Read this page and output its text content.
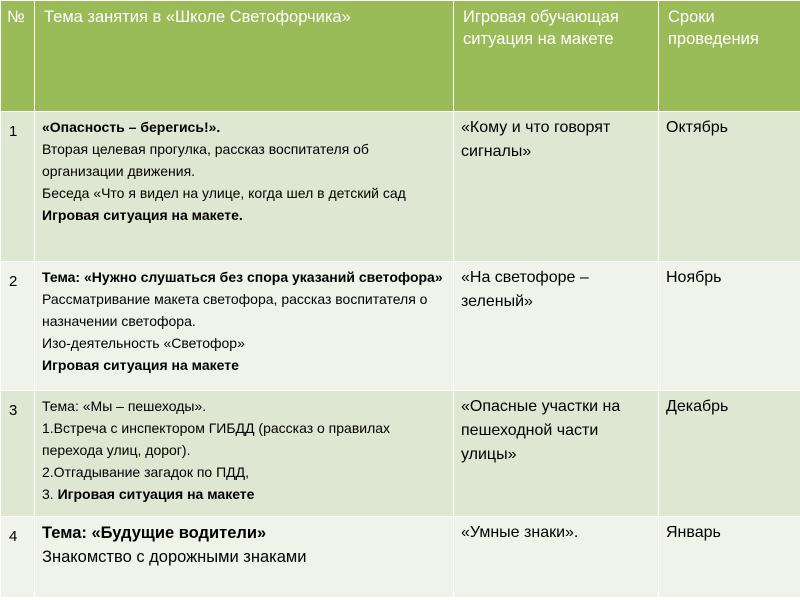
№	Тема занятия в «Школе Светофорчика»	Игровая обучающая ситуация на макете	Сроки проведения

1	«Опасность – берегись!».
Вторая целевая прогулка, рассказ воспитателя об организации движения.
Беседа «Что я видел на улице, когда шел в детский сад
Игровая ситуация на макете.	«Кому и что говорят сигналы»	Октябрь

2	Тема: «Нужно слушаться без спора указаний светофора»
Рассматривание макета светофора, рассказ воспитателя о назначении светофора.
Изо-деятельность «Светофор»
Игровая ситуация на макете	«На светофоре – зеленый»	Ноябрь

3	Тема: «Мы – пешеходы».
1.Встреча с инспектором ГИБДД (рассказ о правилах перехода улиц, дорог).
2.Отгадывание загадок по ПДД,
3. Игровая ситуация на макете	«Опасные участки на пешеходной части улицы»	Декабрь

4	Тема: «Будущие водители»
Знакомство с дорожными знаками	«Умные знаки».	Январь
